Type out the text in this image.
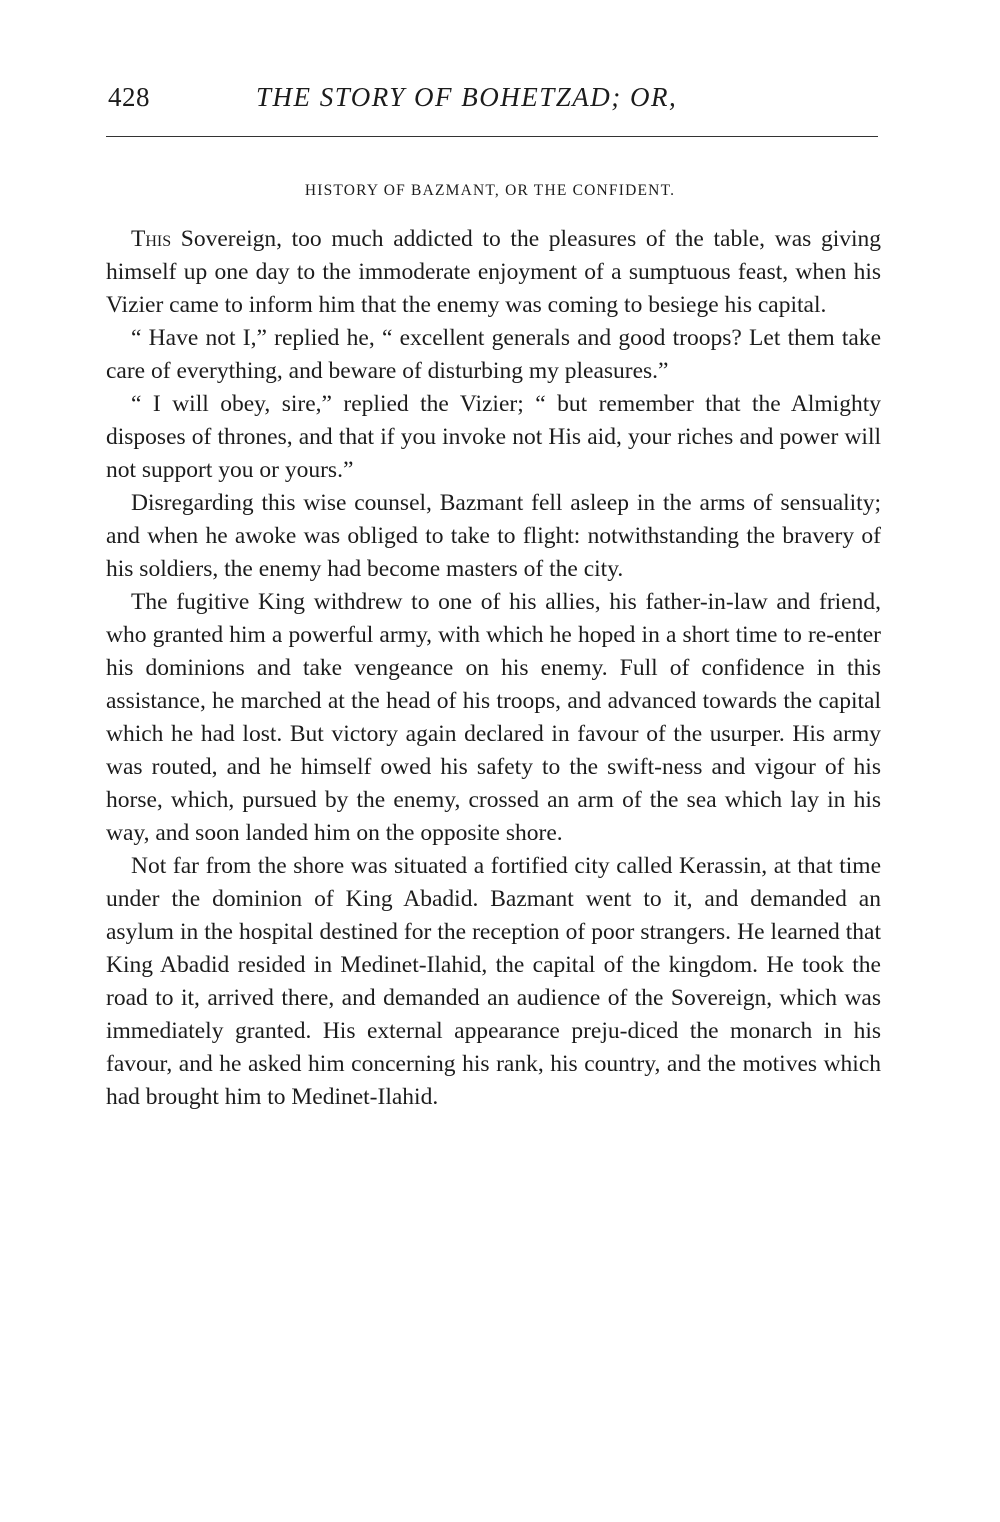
428	THE STORY OF BOHETZAD; OR,
HISTORY OF BAZMANT, OR THE CONFIDENT.

This Sovereign, too much addicted to the pleasures of the table, was giving himself up one day to the immoderate enjoyment of a sumptuous feast, when his Vizier came to inform him that the enemy was coming to besiege his capital.

“ Have not I,” replied he, “ excellent generals and good troops? Let them take care of everything, and beware of disturbing my pleasures.”

“ I will obey, sire,” replied the Vizier; “ but remember that the Almighty disposes of thrones, and that if you invoke not His aid, your riches and power will not support you or yours.”

Disregarding this wise counsel, Bazmant fell asleep in the arms of sensuality; and when he awoke was obliged to take to flight: notwithstanding the bravery of his soldiers, the enemy had become masters of the city.

The fugitive King withdrew to one of his allies, his father-in-law and friend, who granted him a powerful army, with which he hoped in a short time to re-enter his dominions and take vengeance on his enemy. Full of confidence in this assistance, he marched at the head of his troops, and advanced towards the capital which he had lost. But victory again declared in favour of the usurper. His army was routed, and he himself owed his safety to the swift-ness and vigour of his horse, which, pursued by the enemy, crossed an arm of the sea which lay in his way, and soon landed him on the opposite shore.

Not far from the shore was situated a fortified city called Kerassin, at that time under the dominion of King Abadid. Bazmant went to it, and demanded an asylum in the hospital destined for the reception of poor strangers. He learned that King Abadid resided in Medinet-Ilahid, the capital of the kingdom. He took the road to it, arrived there, and demanded an audience of the Sovereign, which was immediately granted. His external appearance preju-diced the monarch in his favour, and he asked him concerning his rank, his country, and the motives which had brought him to Medinet-Ilahid.
